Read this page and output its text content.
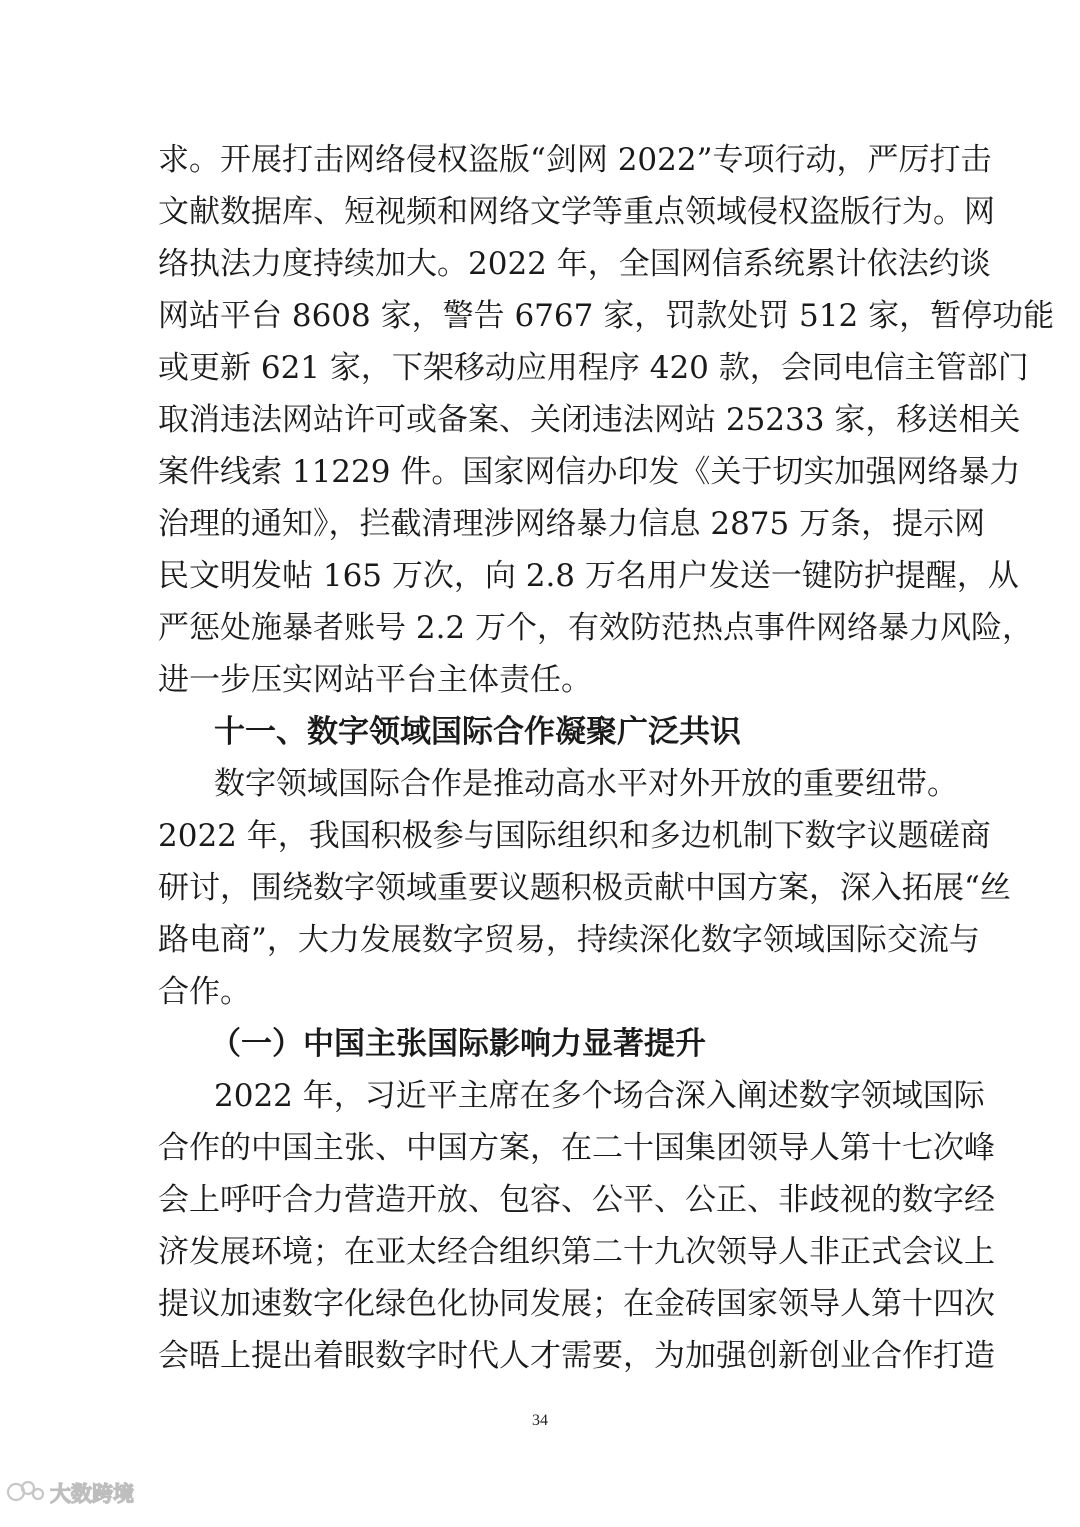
求。开展打击网络侵权盗版“剑网 2022”专项行动，严厉打击
文献数据库、短视频和网络文学等重点领域侵权盗版行为。网
络执法力度持续加大。2022 年，全国网信系统累计依法约谈
网站平台 8608 家，警告 6767 家，罚款处罚 512 家，暂停功能
或更新 621 家，下架移动应用程序 420 款，会同电信主管部门
取消违法网站许可或备案、关闭违法网站 25233 家，移送相关
案件线索 11229 件。国家网信办印发《关于切实加强网络暴力
治理的通知》，拦截清理涉网络暴力信息 2875 万条，提示网
民文明发帖 165 万次，向 2.8 万名用户发送一键防护提醒，从
严惩处施暴者账号 2.2 万个，有效防范热点事件网络暴力风险，
进一步压实网站平台主体责任。
十一、数字领域国际合作凝聚广泛共识
数字领域国际合作是推动高水平对外开放的重要纽带。
2022 年，我国积极参与国际组织和多边机制下数字议题磋商
研讨，围绕数字领域重要议题积极贡献中国方案，深入拓展“丝
路电商”，大力发展数字贸易，持续深化数字领域国际交流与
合作。
（一）中国主张国际影响力显著提升
2022 年，习近平主席在多个场合深入阐述数字领域国际
合作的中国主张、中国方案，在二十国集团领导人第十七次峰
会上呼吁合力营造开放、包容、公平、公正、非歧视的数字经
济发展环境；在亚太经合组织第二十九次领导人非正式会议上
提议加速数字化绿色化协同发展；在金砖国家领导人第十四次
会晤上提出着眼数字时代人才需要，为加强创新创业合作打造
34
大数跨境
